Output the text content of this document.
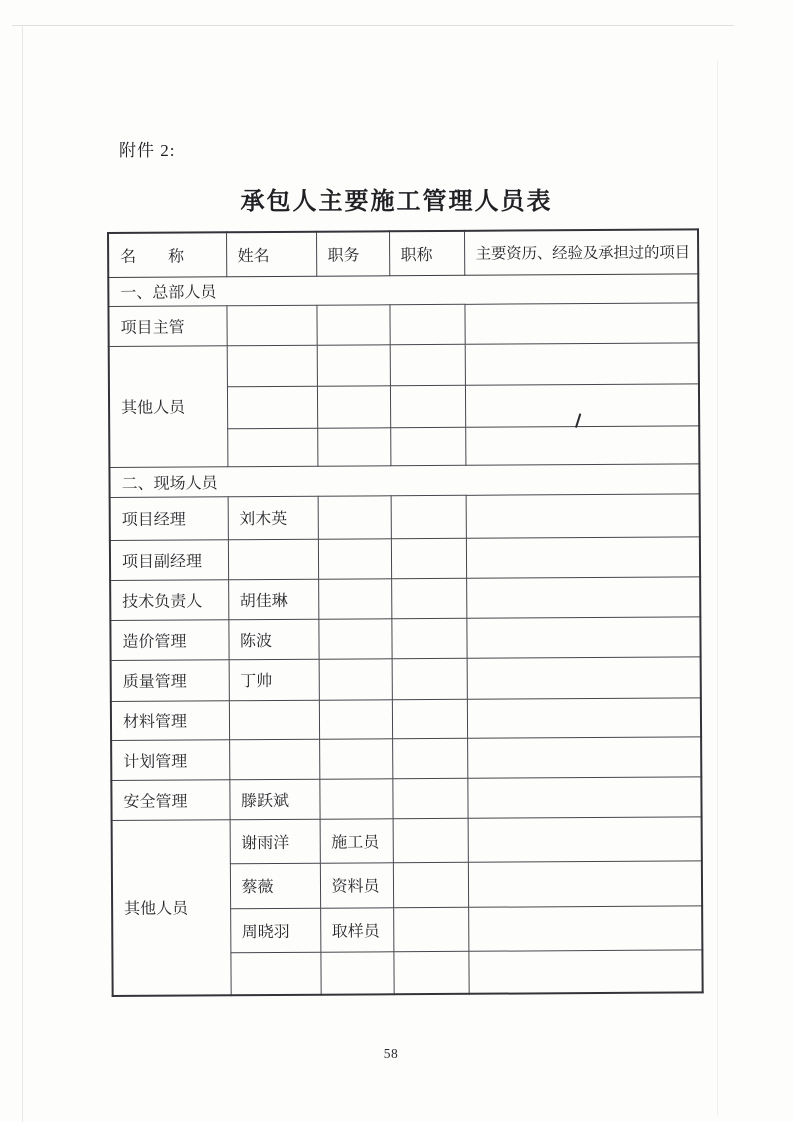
附件 2:
承包人主要施工管理人员表
名　　称	姓名	职务	职称	主要资历、经验及承担过的项目
一、总部人员				
项目主管				
其他人员				

二、现场人员				
项目经理	刘木英			
项目副经理				
技术负责人	胡佳琳			
造价管理	陈波			
质量管理	丁帅			
材料管理				
计划管理				
安全管理	滕跃斌			
其他人员	谢雨洋	施工员		
	蔡薇	资料员		
	周晓羽	取样员		

58
